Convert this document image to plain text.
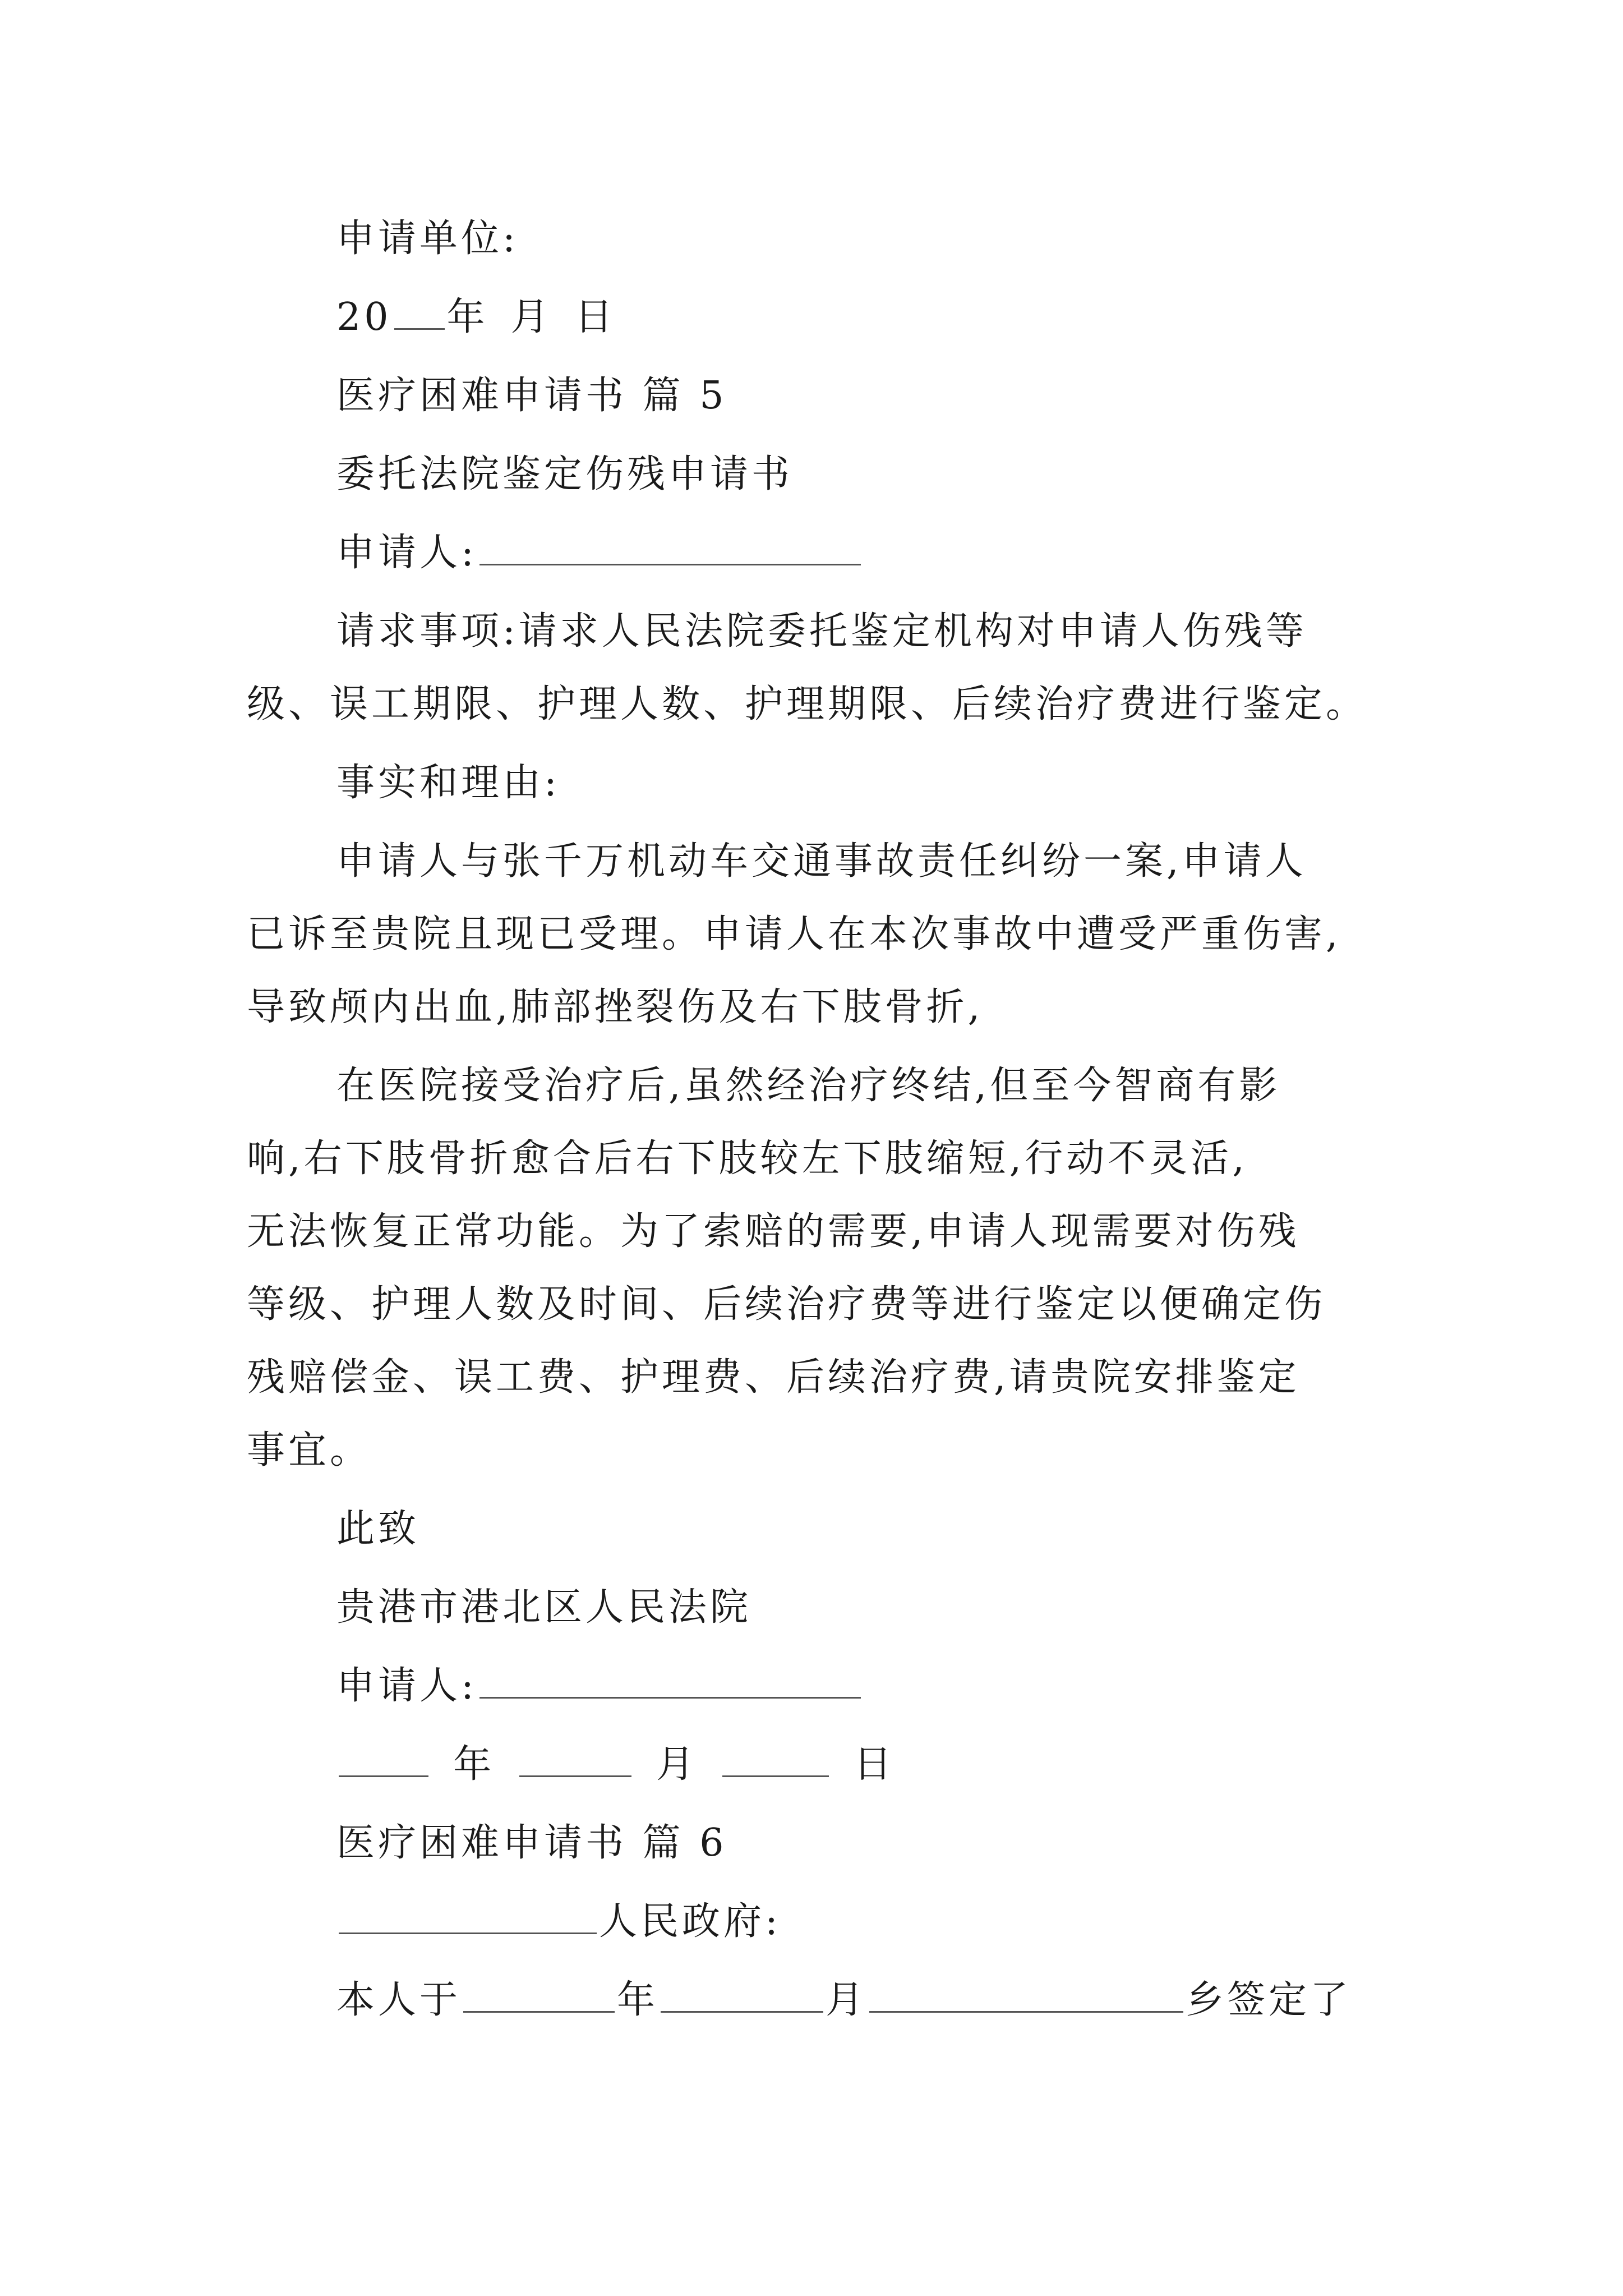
申请单位:
20 年 月 日
医疗困难申请书 篇 5
委托法院鉴定伤残申请书
申请人:
请求事项:请求人民法院委托鉴定机构对申请人伤残等
级、误工期限、护理人数、护理期限、后续治疗费进行鉴定。
事实和理由:
申请人与张千万机动车交通事故责任纠纷一案,申请人
已诉至贵院且现已受理。申请人在本次事故中遭受严重伤害,
导致颅内出血,肺部挫裂伤及右下肢骨折,
在医院接受治疗后,虽然经治疗终结,但至今智商有影
响,右下肢骨折愈合后右下肢较左下肢缩短,行动不灵活,
无法恢复正常功能。为了索赔的需要,申请人现需要对伤残
等级、护理人数及时间、后续治疗费等进行鉴定以便确定伤
残赔偿金、误工费、护理费、后续治疗费,请贵院安排鉴定
事宜。
此致
贵港市港北区人民法院
申请人:
年	月	日
医疗困难申请书 篇 6
人民政府:
本人于	年	月	乡签定了
